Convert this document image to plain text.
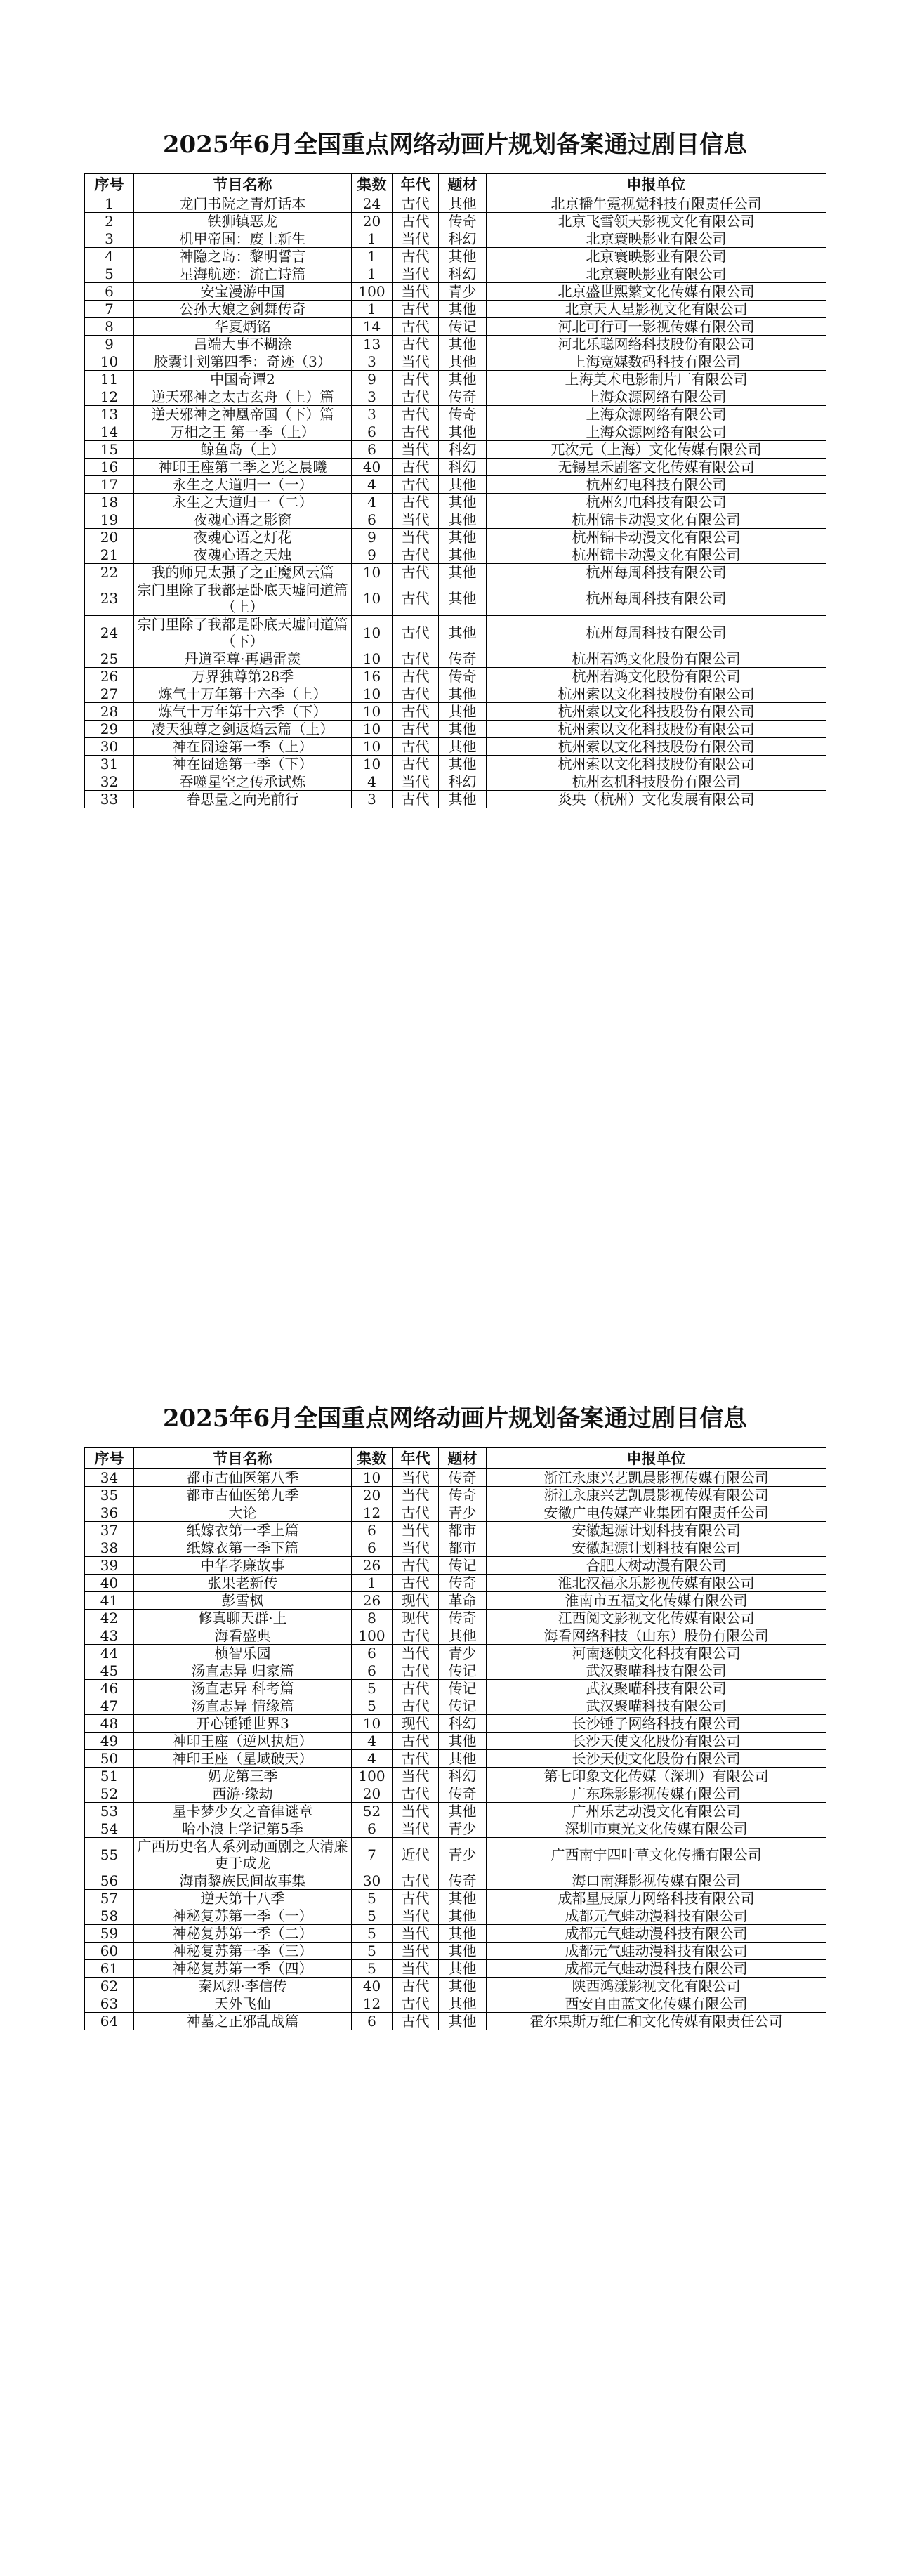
2025年6月全国重点网络动画片规划备案通过剧目信息
序号	节目名称	集数	年代	题材	申报单位
1	龙门书院之青灯话本	24	古代	其他	北京播牛霓视觉科技有限责任公司
2	铁狮镇恶龙	20	古代	传奇	北京飞雪领天影视文化有限公司
3	机甲帝国：废土新生	1	当代	科幻	北京寰映影业有限公司
4	神隐之岛：黎明誓言	1	古代	其他	北京寰映影业有限公司
5	星海航迹：流亡诗篇	1	当代	科幻	北京寰映影业有限公司
6	安宝漫游中国	100	当代	青少	北京盛世熙繁文化传媒有限公司
7	公孙大娘之剑舞传奇	1	古代	其他	北京天人星影视文化有限公司
8	华夏炳铭	14	古代	传记	河北可行可一影视传媒有限公司
9	吕端大事不糊涂	13	古代	其他	河北乐聪网络科技股份有限公司
10	胶囊计划第四季：奇迹（3）	3	当代	其他	上海宽媒数码科技有限公司
11	中国奇谭2	9	古代	其他	上海美术电影制片厂有限公司
12	逆天邪神之太古玄舟（上）篇	3	古代	传奇	上海众源网络有限公司
13	逆天邪神之神凰帝国（下）篇	3	古代	传奇	上海众源网络有限公司
14	万相之王 第一季（上）	6	古代	其他	上海众源网络有限公司
15	鲸鱼岛（上）	6	当代	科幻	兀次元（上海）文化传媒有限公司
16	神印王座第二季之光之晨曦	40	古代	科幻	无锡星禾剧客文化传媒有限公司
17	永生之大道归一（一）	4	古代	其他	杭州幻电科技有限公司
18	永生之大道归一（二）	4	古代	其他	杭州幻电科技有限公司
19	夜魂心语之影窗	6	当代	其他	杭州锦卡动漫文化有限公司
20	夜魂心语之灯花	9	当代	其他	杭州锦卡动漫文化有限公司
21	夜魂心语之天烛	9	古代	其他	杭州锦卡动漫文化有限公司
22	我的师兄太强了之正魔风云篇	10	古代	其他	杭州每周科技有限公司
23	宗门里除了我都是卧底天墟问道篇（上）	10	古代	其他	杭州每周科技有限公司
24	宗门里除了我都是卧底天墟问道篇（下）	10	古代	其他	杭州每周科技有限公司
25	丹道至尊·再遇雷羡	10	古代	传奇	杭州若鸿文化股份有限公司
26	万界独尊第28季	16	古代	传奇	杭州若鸿文化股份有限公司
27	炼气十万年第十六季（上）	10	古代	其他	杭州索以文化科技股份有限公司
28	炼气十万年第十六季（下）	10	古代	其他	杭州索以文化科技股份有限公司
29	凌天独尊之剑返焰云篇（上）	10	古代	其他	杭州索以文化科技股份有限公司
30	神在囧途第一季（上）	10	古代	其他	杭州索以文化科技股份有限公司
31	神在囧途第一季（下）	10	古代	其他	杭州索以文化科技股份有限公司
32	吞噬星空之传承试炼	4	当代	科幻	杭州玄机科技股份有限公司
33	眷思量之向光前行	3	古代	其他	炎央（杭州）文化发展有限公司
2025年6月全国重点网络动画片规划备案通过剧目信息
序号	节目名称	集数	年代	题材	申报单位
34	都市古仙医第八季	10	当代	传奇	浙江永康兴艺凯晨影视传媒有限公司
35	都市古仙医第九季	20	当代	传奇	浙江永康兴艺凯晨影视传媒有限公司
36	大论	12	古代	青少	安徽广电传媒产业集团有限责任公司
37	纸嫁衣第一季上篇	6	当代	都市	安徽起源计划科技有限公司
38	纸嫁衣第一季下篇	6	当代	都市	安徽起源计划科技有限公司
39	中华孝廉故事	26	古代	传记	合肥大树动漫有限公司
40	张果老新传	1	古代	传奇	淮北汉福永乐影视传媒有限公司
41	彭雪枫	26	现代	革命	淮南市五福文化传媒有限公司
42	修真聊天群·上	8	现代	传奇	江西阅文影视文化传媒有限公司
43	海看盛典	100	古代	其他	海看网络科技（山东）股份有限公司
44	桢智乐园	6	当代	青少	河南逐帧文化科技有限公司
45	汤直志异 归家篇	6	古代	传记	武汉聚喵科技有限公司
46	汤直志异 科考篇	5	古代	传记	武汉聚喵科技有限公司
47	汤直志异 情缘篇	5	古代	传记	武汉聚喵科技有限公司
48	开心锤锤世界3	10	现代	科幻	长沙锤子网络科技有限公司
49	神印王座（逆风执炬）	4	古代	其他	长沙天使文化股份有限公司
50	神印王座（星域破天）	4	古代	其他	长沙天使文化股份有限公司
51	奶龙第三季	100	当代	科幻	第七印象文化传媒（深圳）有限公司
52	西游·缘劫	20	古代	传奇	广东珠影影视传媒有限公司
53	星卡梦少女之音律谜章	52	当代	其他	广州乐艺动漫文化有限公司
54	哈小浪上学记第5季	6	当代	青少	深圳市東光文化传媒有限公司
55	广西历史名人系列动画剧之大清廉吏于成龙	7	近代	青少	广西南宁四叶草文化传播有限公司
56	海南黎族民间故事集	30	古代	传奇	海口南湃影视传媒有限公司
57	逆天第十八季	5	古代	其他	成都星辰原力网络科技有限公司
58	神秘复苏第一季（一）	5	当代	其他	成都元气蛙动漫科技有限公司
59	神秘复苏第一季（二）	5	当代	其他	成都元气蛙动漫科技有限公司
60	神秘复苏第一季（三）	5	当代	其他	成都元气蛙动漫科技有限公司
61	神秘复苏第一季（四）	5	当代	其他	成都元气蛙动漫科技有限公司
62	秦风烈·李信传	40	古代	其他	陕西鸿漾影视文化有限公司
63	天外飞仙	12	古代	其他	西安自由蓝文化传媒有限公司
64	神墓之正邪乱战篇	6	古代	其他	霍尔果斯万维仁和文化传媒有限责任公司
